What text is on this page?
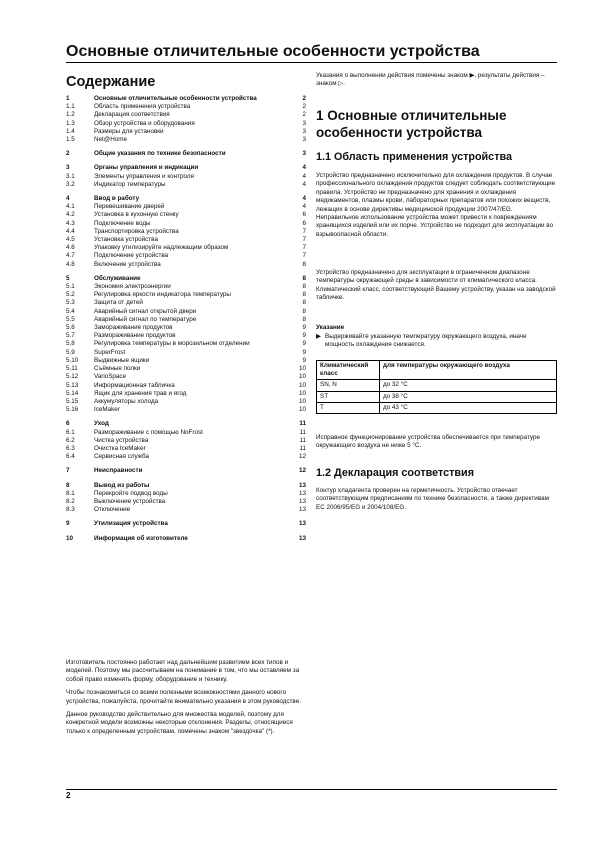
Основные отличительные особенности устройства
Содержание
1	Основные отличительные особенности устройства	2
1.1	Область применения устройства	2
1.2	Декларация соответствия	2
1.3	Обзор устройства и оборудования	3
1.4	Размеры для установки	3
1.5	Net@Home	3
2	Общие указания по технике безопасности	3
3	Органы управления и индикации	4
3.1	Элементы управления и контроля	4
3.2	Индикатор температуры	4
4	Ввод в работу	4
4.1	Перевешивание дверей	4
4.2	Установка в кухонную стенку	6
4.3	Подключение воды	6
4.4	Транспортировка устройства	7
4.5	Установка устройства	7
4.6	Упаковку утилизируйте надлежащим образом	7
4.7	Подключение устройства	7
4.8	Включение устройства	8
5	Обслуживание	8
5.1	Экономия электроэнергии	8
5.2	Регулировка яркости индикатора температуры	8
5.3	Защита от детей	8
5.4	Аварийный сигнал открытой двери	8
5.5	Аварийный сигнал по температуре	8
5.6	Замораживание продуктов	9
5.7	Размораживание продуктов	9
5.8	Регулировка температуры в морозильном отделении	9
5.9	SuperFrost	9
5.10	Выдвижные ящики	9
5.11	Съёмные полки	10
5.12	VarioSpace	10
5.13	Информационная табличка	10
5.14	Ящик для хранения трав и ягод	10
5.15	Аккумуляторы холода	10
5.16	IceMaker	10
6	Уход	11
6.1	Размораживание с помощью NoFrost	11
6.2	Чистка устройства	11
6.3	Очистка IceMaker	11
6.4	Сервисная служба	12
7	Неисправности	12
8	Вывод из работы	13
8.1	Перекройте подвод воды	13
8.2	Выключение устройства	13
8.3	Отключение	13
9	Утилизация устройства	13
10	Информация об изготовителе	13

Изготовитель постоянно работает над дальнейшим развитием всех типов и моделей. Поэтому мы рассчитываем на понимание в том, что мы оставляем за собой право изменять форму, оборудование и технику.

Чтобы познакомиться со всеми полезными возможностями данного нового устройства, пожалуйста, прочитайте внимательно указания в этом руководстве.

Данное руководство действительно для множества моделей, поэтому для конкретной модели возможны некоторые отклонения. Разделы, относящиеся только к определенным устройствам, помечены знаком "звездочка" (*).

Указания о выполнении действия помечены знаком ▶, результаты действия – знаком ▷.
1 Основные отличительные особенности устройства
1.1 Область применения устройства
Устройство предназначено исключительно для охлаждения продуктов. В случае профессионального охлаждения продуктов следует соблюдать соответствующие правила. Устройство не предназначено для хранения и охлаждения медикаментов, плазмы крови, лабораторных препаратов или похожих веществ, лежащих в основе директивы медицинской продукции 2007/47/EG. Неправильное использование устройства может привести к повреждениям хранящихся изделий или их порче. Устройство не подходит для эксплуатации во взрывоопасной области.
Устройство предназначено для эксплуатации в ограниченном диапазоне температуры окружающей среды в зависимости от климатического класса. Климатический класс, соответствующий Вашему устройству, указан на заводской табличке.
Указание
▶ Выдерживайте указанную температуру окружающего воздуха, иначе мощность охлаждения снижается.
Климатический класс	для температуры окружающего воздуха
SN, N	до 32 °C
ST	до 38 °C
T	до 43 °C
Исправное функционирование устройства обеспечивается при температуре окружающего воздуха не ниже 5 °C.
1.2 Декларация соответствия
Контур хладагента проверен на герметичность. Устройство отвечает соответствующим предписаниям по технике безопасности, а также директивам ЕС 2006/95/EG и 2004/108/EG.
2
